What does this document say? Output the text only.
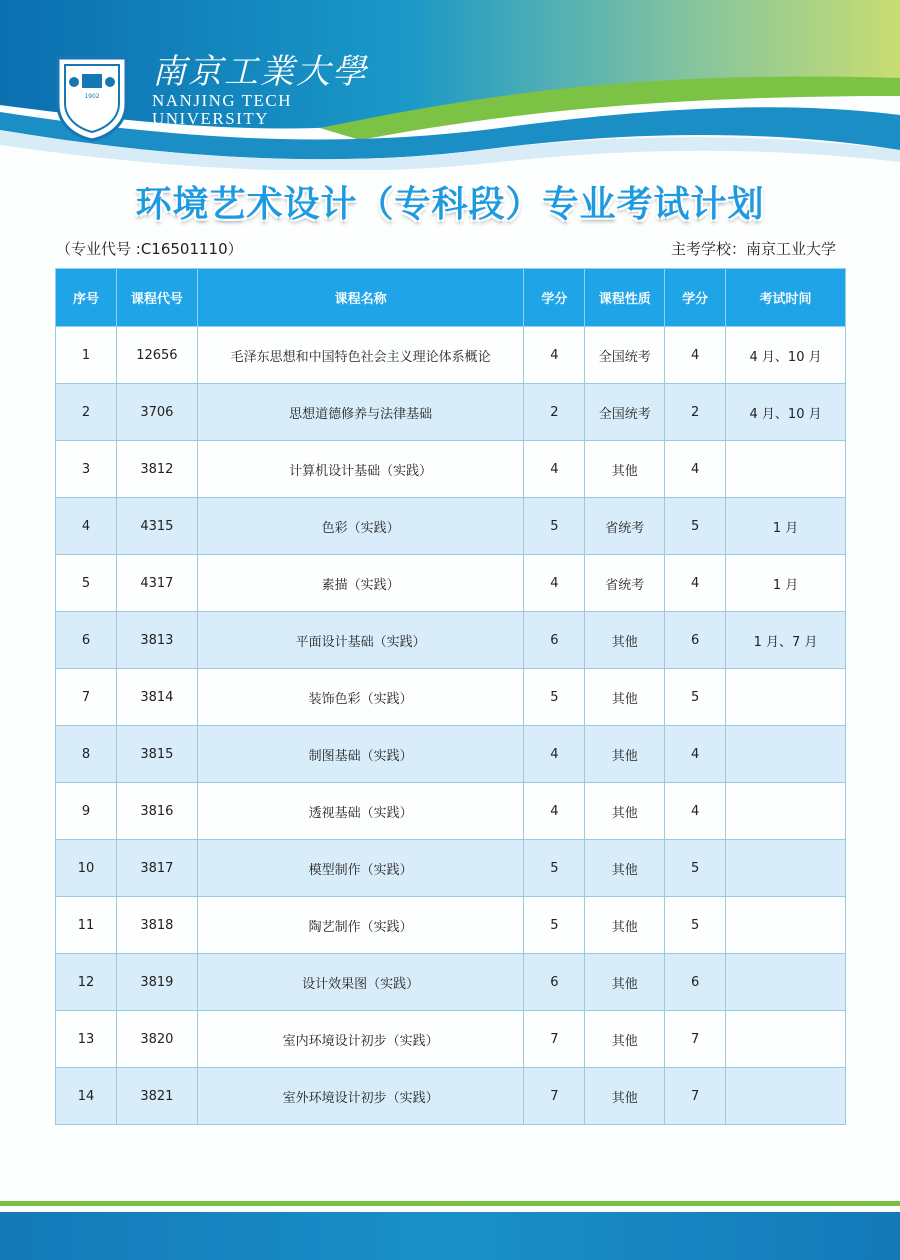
1902
南京工業大學
NANJING TECH
UNIVERSITY
环境艺术设计（专科段）专业考试计划
（专业代号 :C16501110）	主考学校：南京工业大学
序号	课程代号	课程名称	学分	课程性质	学分	考试时间
1	12656	毛泽东思想和中国特色社会主义理论体系概论	4	全国统考	4	4 月、10 月
2	3706	思想道德修养与法律基础	2	全国统考	2	4 月、10 月
3	3812	计算机设计基础（实践）	4	其他	4	
4	4315	色彩（实践）	5	省统考	5	1 月
5	4317	素描（实践）	4	省统考	4	1 月
6	3813	平面设计基础（实践）	6	其他	6	1 月、7 月
7	3814	装饰色彩（实践）	5	其他	5	
8	3815	制图基础（实践）	4	其他	4	
9	3816	透视基础（实践）	4	其他	4	
10	3817	模型制作（实践）	5	其他	5	
11	3818	陶艺制作（实践）	5	其他	5	
12	3819	设计效果图（实践）	6	其他	6	
13	3820	室内环境设计初步（实践）	7	其他	7	
14	3821	室外环境设计初步（实践）	7	其他	7	
